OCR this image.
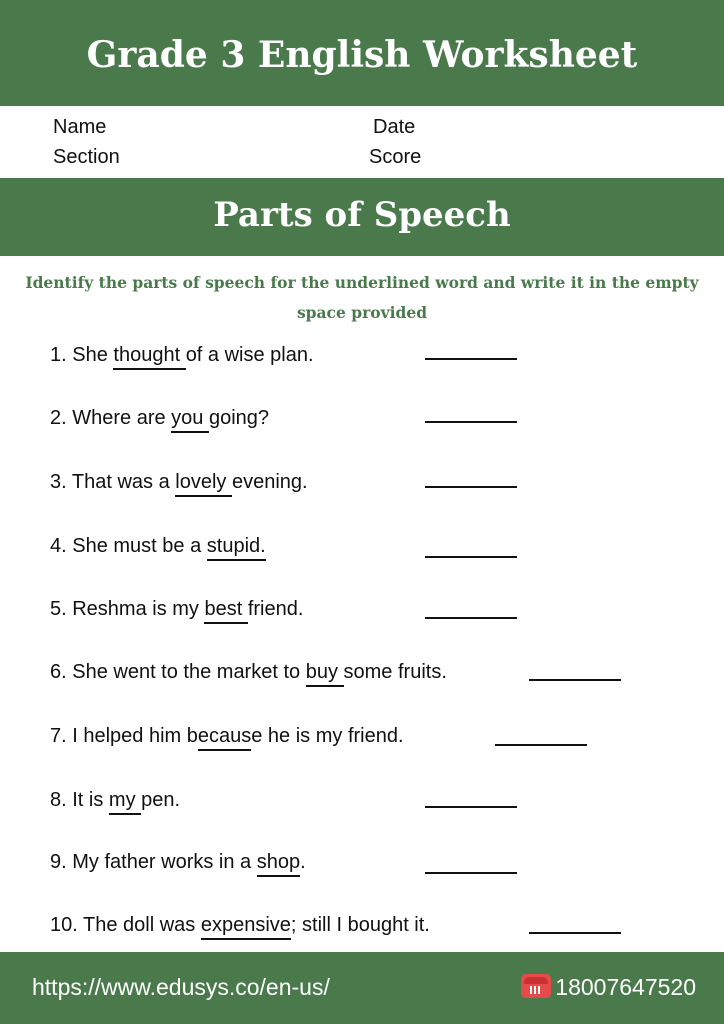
Grade 3 English Worksheet
Name	Date
Section	Score
Parts of Speech
Identify the parts of speech for the underlined word and write it in the empty space provided
1. She thought of a wise plan.
2. Where are you going?
3. That was a lovely evening.
4. She must be a stupid.
5. Reshma is my best friend.
6. She went to the market to buy some fruits.
7. I helped him because he is my friend.
8. It is my pen.
9. My father works in a shop.
10. The doll was expensive; still I bought it.
https://www.edusys.co/en-us/	18007647520
